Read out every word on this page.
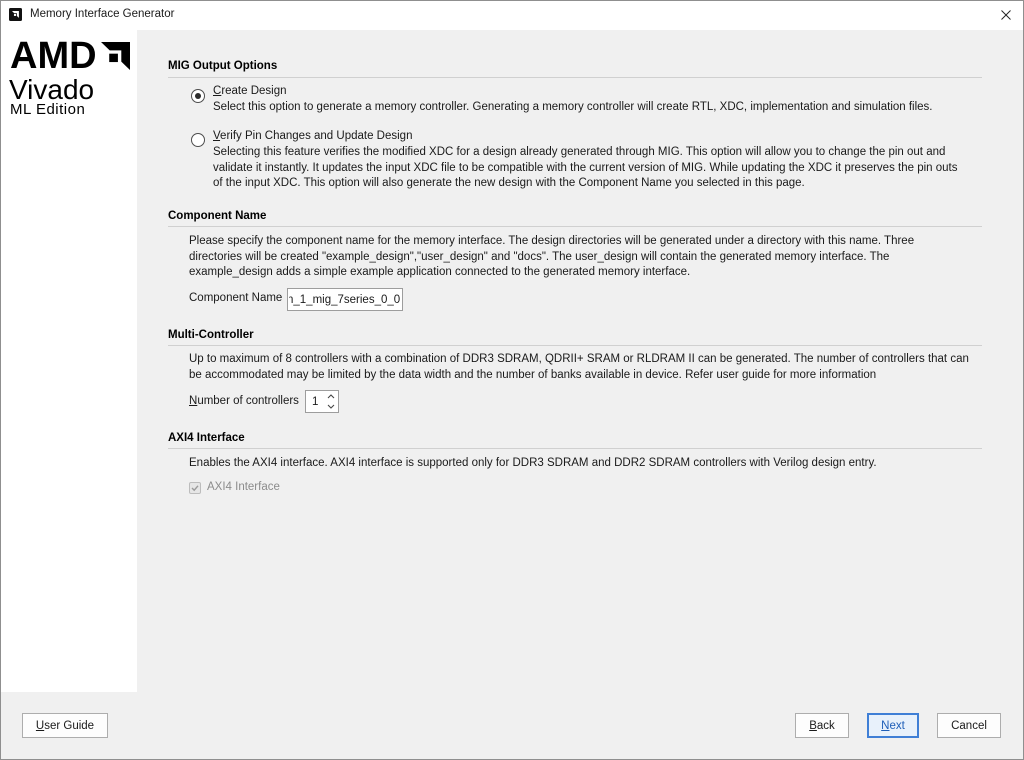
Memory Interface Generator
AMD
Vivado
ML Edition
MIG Output Options
Create Design
Select this option to generate a memory controller. Generating a memory controller will create RTL, XDC, implementation and simulation files.
Verify Pin Changes and Update Design
Selecting this feature verifies the modified XDC for a design already generated through MIG. This option will allow you to change the pin out and
validate it instantly. It updates the input XDC file to be compatible with the current version of MIG. While updating the XDC it preserves the pin outs
of the input XDC. This option will also generate the new design with the Component Name you selected in this page.
Component Name
Please specify the component name for the memory interface. The design directories will be generated under a directory with this name. Three
directories will be created "example_design","user_design" and "docs". The user_design will contain the generated memory interface. The
example_design adds a simple example application connected to the generated memory interface.
Component Name
n_1_mig_7series_0_0
Multi-Controller
Up to maximum of 8 controllers with a combination of DDR3 SDRAM, QDRII+ SRAM or RLDRAM II can be generated. The number of controllers that can
be accommodated may be limited by the data width and the number of banks available in device. Refer user guide for more information
Number of controllers
1
AXI4 Interface
Enables the AXI4 interface. AXI4 interface is supported only for DDR3 SDRAM and DDR2 SDRAM controllers with Verilog design entry.
AXI4 Interface
User Guide	Back	Next	Cancel
